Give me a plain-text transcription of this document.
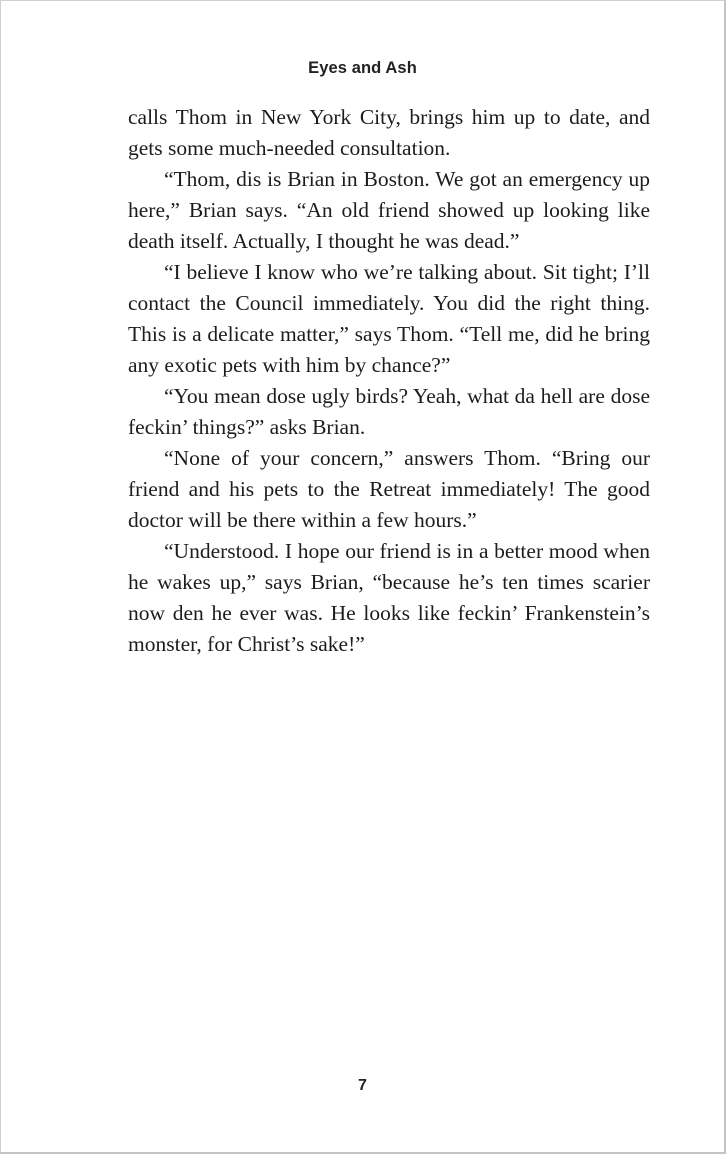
Eyes and Ash

calls Thom in New York City, brings him up to date, and gets some much-needed consultation.

“Thom, dis is Brian in Boston. We got an emergency up here,” Brian says. “An old friend showed up looking like death itself. Actually, I thought he was dead.”

“I believe I know who we’re talking about. Sit tight; I’ll contact the Council immediately. You did the right thing. This is a delicate matter,” says Thom. “Tell me, did he bring any exotic pets with him by chance?”

“You mean dose ugly birds? Yeah, what da hell are dose feckin’ things?” asks Brian.

“None of your concern,” answers Thom. “Bring our friend and his pets to the Retreat immediately! The good doctor will be there within a few hours.”

“Understood. I hope our friend is in a better mood when he wakes up,” says Brian, “because he’s ten times scarier now den he ever was. He looks like feckin’ Frankenstein’s monster, for Christ’s sake!”

7
